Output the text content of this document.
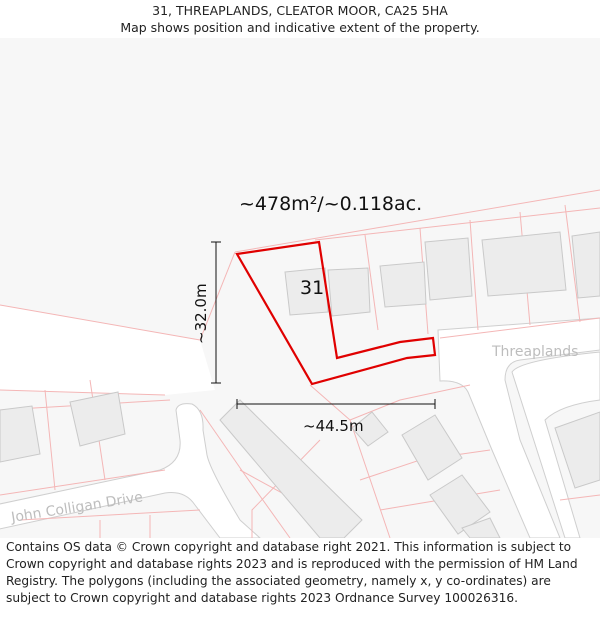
31, THREAPLANDS, CLEATOR MOOR, CA25 5HA
Map shows position and indicative extent of the property.
Threaplands
John Colligan Drive
~478m²/~0.118ac.
31
~32.0m
~44.5m
Contains OS data © Crown copyright and database right 2021. This information is subject to Crown copyright and database rights 2023 and is reproduced with the permission of HM Land Registry. The polygons (including the associated geometry, namely x, y co-ordinates) are subject to Crown copyright and database rights 2023 Ordnance Survey 100026316.
